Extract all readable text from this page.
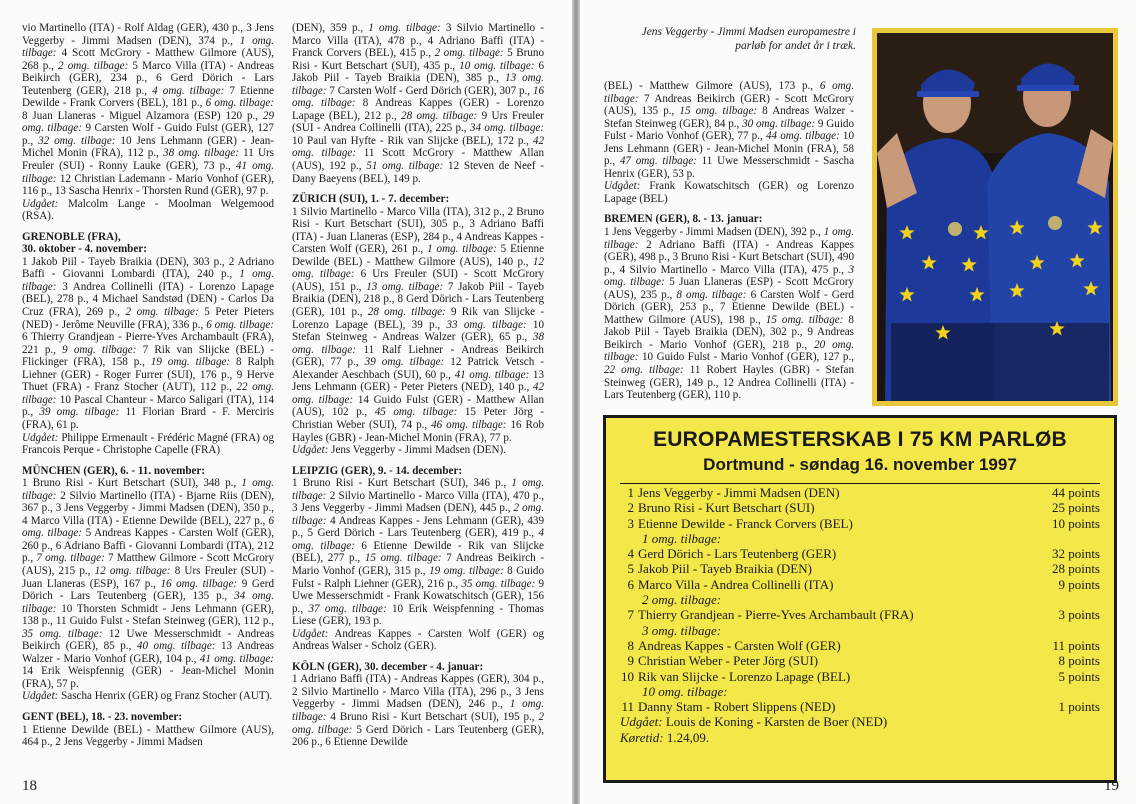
vio Martinello (ITA) - Rolf Aldag (GER), 430 p., 3 Jens Veggerby - Jimmi Madsen (DEN), 374 p., 1 omg. tilbage: 4 Scott McGrory - Matthew Gilmore (AUS), 268 p., 2 omg. tilbage: 5 Marco Villa (ITA) - Andreas Beikirch (GER), 234 p., 6 Gerd Dörich - Lars Teutenberg (GER), 218 p., 4 omg. tilbage: 7 Etienne Dewilde - Frank Corvers (BEL), 181 p., 6 omg. tilbage: 8 Juan Llaneras - Miguel Alzamora (ESP) 120 p., 29 omg. tilbage: 9 Carsten Wolf - Guido Fulst (GER), 127 p., 32 omg. tilbage: 10 Jens Lehmann (GER) - Jean-Michel Monin (FRA), 112 p., 38 omg. tilbage: 11 Urs Freuler (SUI) - Ronny Lauke (GER), 73 p., 41 omg. tilbage: 12 Christian Lademann - Mario Vonhof (GER), 116 p., 13 Sascha Henrix - Thorsten Rund (GER), 97 p.
Udgået: Malcolm Lange - Moolman Welgemood (RSA).
GRENOBLE (FRA),
30. oktober - 4. november:
1 Jakob Piil - Tayeb Braikia (DEN), 303 p., 2 Adriano Baffi - Giovanni Lombardi (ITA), 240 p., 1 omg. tilbage: 3 Andrea Collinelli (ITA) - Lorenzo Lapage (BEL), 278 p., 4 Michael Sandstød (DEN) - Carlos Da Cruz (FRA), 269 p., 2 omg. tilbage: 5 Peter Pieters (NED) - Jerôme Neuville (FRA), 336 p., 6 omg. tilbage: 6 Thierry Grandjean - Pierre-Yves Archambault (FRA), 221 p., 9 omg. tilbage: 7 Rik van Slijcke (BEL) - Flickinger (FRA), 158 p., 19 omg. tilbage: 8 Ralph Liehner (GER) - Roger Furrer (SUI), 176 p., 9 Herve Thuet (FRA) - Franz Stocher (AUT), 112 p., 22 omg. tilbage: 10 Pascal Chanteur - Marco Saligari (ITA), 114 p., 39 omg. tilbage: 11 Florian Brard - F. Merciris (FRA), 61 p.
Udgået: Philippe Ermenault - Frédéric Magné (FRA) og Francois Perque - Christophe Capelle (FRA)
MÜNCHEN (GER), 6. - 11. november:
1 Bruno Risi - Kurt Betschart (SUI), 348 p., 1 omg. tilbage: 2 Silvio Martinello (ITA) - Bjarne Riis (DEN), 367 p., 3 Jens Veggerby - Jimmi Madsen (DEN), 350 p., 4 Marco Villa (ITA) - Etienne Dewilde (BEL), 227 p., 6 omg. tilbage: 5 Andreas Kappes - Carsten Wolf (GER), 260 p., 6 Adriano Baffi - Giovanni Lombardi (ITA), 212 p., 7 omg. tilbage: 7 Matthew Gilmore - Scott McGrory (AUS), 215 p., 12 omg. tilbage: 8 Urs Freuler (SUI) - Juan Llaneras (ESP), 167 p., 16 omg. tilbage: 9 Gerd Dörich - Lars Teutenberg (GER), 135 p., 34 omg. tilbage: 10 Thorsten Schmidt - Jens Lehmann (GER), 138 p., 11 Guido Fulst - Stefan Steinweg (GER), 112 p., 35 omg. tilbage: 12 Uwe Messerschmidt - Andreas Beikirch (GER), 85 p., 40 omg. tilbage: 13 Andreas Walzer - Mario Vonhof (GER), 104 p., 41 omg. tilbage: 14 Erik Weispfennig (GER) - Jean-Michel Monin (FRA), 57 p.
Udgået: Sascha Henrix (GER) og Franz Stocher (AUT).
GENT (BEL), 18. - 23. november:
1 Etienne Dewilde (BEL) - Matthew Gilmore (AUS), 464 p., 2 Jens Veggerby - Jimmi Madsen
(DEN), 359 p., 1 omg. tilbage: 3 Silvio Martinello - Marco Villa (ITA), 478 p., 4 Adriano Baffi (ITA) - Franck Corvers (BEL), 415 p., 2 omg. tilbage: 5 Bruno Risi - Kurt Betschart (SUI), 435 p., 10 omg. tilbage: 6 Jakob Piil - Tayeb Braikia (DEN), 385 p., 13 omg. tilbage: 7 Carsten Wolf - Gerd Dörich (GER), 307 p., 16 omg. tilbage: 8 Andreas Kappes (GER) - Lorenzo Lapage (BEL), 212 p., 28 omg. tilbage: 9 Urs Freuler (SUI - Andrea Collinelli (ITA), 225 p., 34 omg. tilbage: 10 Paul van Hyfte - Rik van Slijcke (BEL), 172 p., 42 omg. tilbage: 11 Scott McGrory - Matthew Allan (AUS), 192 p., 51 omg. tilbage: 12 Steven de Neef - Dany Baeyens (BEL), 149 p.
ZÜRICH (SUI), 1. - 7. december:
1 Silvio Martinello - Marco Villa (ITA), 312 p., 2 Bruno Risi - Kurt Betschart (SUI), 305 p., 3 Adriano Baffi (ITA) - Juan Llaneras (ESP), 284 p., 4 Andreas Kappes - Carsten Wolf (GER), 261 p., 1 omg. tilbage: 5 Etienne Dewilde (BEL) - Matthew Gilmore (AUS), 140 p., 12 omg. tilbage: 6 Urs Freuler (SUI) - Scott McGrory (AUS), 151 p., 13 omg. tilbage: 7 Jakob Piil - Tayeb Braikia (DEN), 218 p., 8 Gerd Dörich - Lars Teutenberg (GER), 101 p., 28 omg. tilbage: 9 Rik van Slijcke - Lorenzo Lapage (BEL), 39 p., 33 omg. tilbage: 10 Stefan Steinweg - Andreas Walzer (GER), 65 p., 38 omg. tilbage: 11 Ralf Liehner - Andreas Beikirch (GER), 77 p., 39 omg. tilbage: 12 Patrick Vetsch - Alexander Aeschbach (SUI), 60 p., 41 omg. tilbage: 13 Jens Lehmann (GER) - Peter Pieters (NED), 140 p., 42 omg. tilbage: 14 Guido Fulst (GER) - Matthew Allan (AUS), 102 p., 45 omg. tilbage: 15 Peter Jörg - Christian Weber (SUI), 74 p., 46 omg. tilbage: 16 Rob Hayles (GBR) - Jean-Michel Monin (FRA), 77 p.
Udgået: Jens Veggerby - Jimmi Madsen (DEN).
LEIPZIG (GER), 9. - 14. december:
1 Bruno Risi - Kurt Betschart (SUI), 346 p., 1 omg. tilbage: 2 Silvio Martinello - Marco Villa (ITA), 470 p., 3 Jens Veggerby - Jimmi Madsen (DEN), 445 p., 2 omg. tilbage: 4 Andreas Kappes - Jens Lehmann (GER), 439 p., 5 Gerd Dörich - Lars Teutenberg (GER), 419 p., 4 omg. tilbage: 6 Etienne Dewilde - Rik van Slijcke (BEL), 277 p., 15 omg. tilbage: 7 Andreas Beikirch - Mario Vonhof (GER), 315 p., 19 omg. tilbage: 8 Guido Fulst - Ralph Liehner (GER), 216 p., 35 omg. tilbage: 9 Uwe Messerschmidt - Frank Kowatschitsch (GER), 156 p., 37 omg. tilbage: 10 Erik Weispfenning - Thomas Liese (GER), 193 p.
Udgået: Andreas Kappes - Carsten Wolf (GER) og Andreas Walser - Scholz (GER).
KÖLN (GER), 30. december - 4. januar:
1 Adriano Baffi (ITA) - Andreas Kappes (GER), 304 p., 2 Silvio Martinello - Marco Villa (ITA), 296 p., 3 Jens Veggerby - Jimmi Madsen (DEN), 246 p., 1 omg. tilbage: 4 Bruno Risi - Kurt Betschart (SUI), 195 p., 2 omg. tilbage: 5 Gerd Dörich - Lars Teutenberg (GER), 206 p., 6 Etienne Dewilde
18
Jens Veggerby - Jimmi Madsen europamestre i parløb for andet år i træk.
(BEL) - Matthew Gilmore (AUS), 173 p., 6 omg. tilbage: 7 Andreas Beikirch (GER) - Scott McGrory (AUS), 135 p., 15 omg. tilbage: 8 Andreas Walzer - Stefan Steinweg (GER), 84 p., 30 omg. tilbage: 9 Guido Fulst - Mario Vonhof (GER), 77 p., 44 omg. tilbage: 10 Jens Lehmann (GER) - Jean-Michel Monin (FRA), 58 p., 47 omg. tilbage: 11 Uwe Messerschmidt - Sascha Henrix (GER), 53 p.
Udgået: Frank Kowatschitsch (GER) og Lorenzo Lapage (BEL)
BREMEN (GER), 8. - 13. januar:
1 Jens Veggerby - Jimmi Madsen (DEN), 392 p., 1 omg. tilbage: 2 Adriano Baffi (ITA) - Andreas Kappes (GER), 498 p., 3 Bruno Risi - Kurt Betschart (SUI), 490 p., 4 Silvio Martinello - Marco Villa (ITA), 475 p., 3 omg. tilbage: 5 Juan Llaneras (ESP) - Scott McGrory (AUS), 235 p., 8 omg. tilbage: 6 Carsten Wolf - Gerd Dörich (GER), 253 p., 7 Etienne Dewilde (BEL) - Matthew Gilmore (AUS), 198 p., 15 omg. tilbage: 8 Jakob Piil - Tayeb Braikia (DEN), 302 p., 9 Andreas Beikirch - Mario Vonhof (GER), 218 p., 20 omg. tilbage: 10 Guido Fulst - Mario Vonhof (GER), 127 p., 22 omg. tilbage: 11 Robert Hayles (GBR) - Stefan Steinweg (GER), 149 p., 12 Andrea Collinelli (ITA) - Lars Teutenberg (GER), 110 p.
EUROPAMESTERSKAB I 75 KM PARLØB
Dortmund - søndag 16. november 1997
1 Jens Veggerby - Jimmi Madsen (DEN)	44 points
2 Bruno Risi - Kurt Betschart (SUI)	25 points
3 Etienne Dewilde - Franck Corvers (BEL)	10 points
1 omg. tilbage:
4 Gerd Dörich - Lars Teutenberg (GER)	32 points
5 Jakob Piil - Tayeb Braikia (DEN)	28 points
6 Marco Villa - Andrea Collinelli (ITA)	9 points
2 omg. tilbage:
7 Thierry Grandjean - Pierre-Yves Archambault (FRA)	3 points
3 omg. tilbage:
8 Andreas Kappes - Carsten Wolf (GER)	11 points
9 Christian Weber - Peter Jörg (SUI)	8 points
10 Rik van Slijcke - Lorenzo Lapage (BEL)	5 points
10 omg. tilbage:
11 Danny Stam - Robert Slippens (NED)	1 points
Udgået: Louis de Koning - Karsten de Boer (NED)
Køretid: 1.24,09.
19
